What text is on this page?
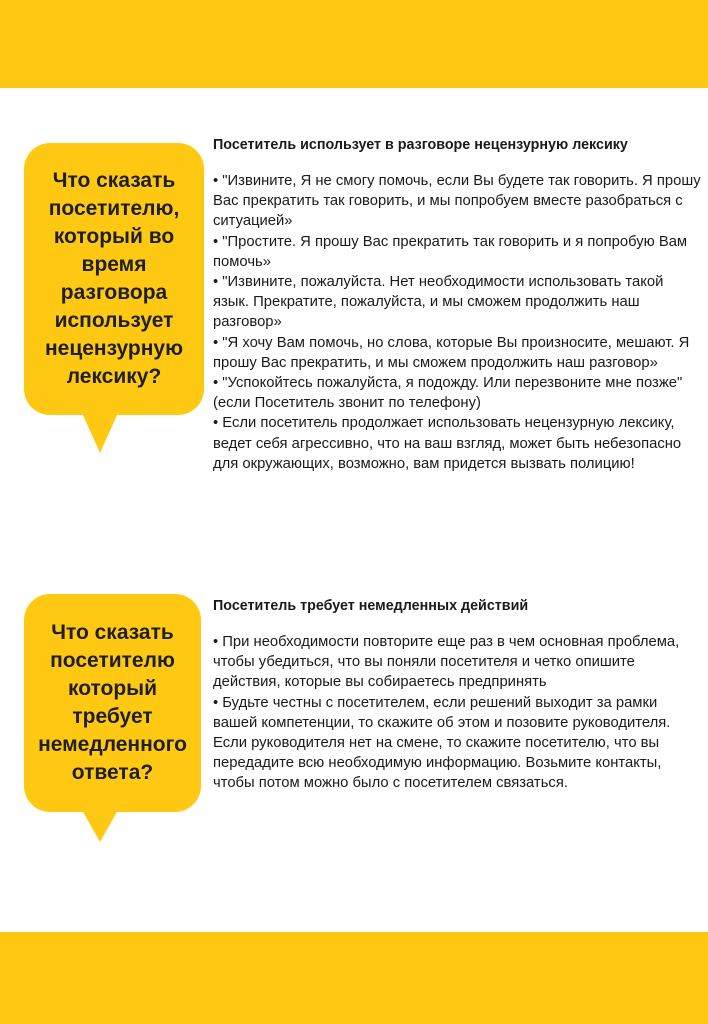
Что сказать посетителю, который во время разговора использует нецензурную лексику?
Посетитель использует в разговоре нецензурную лексику

• "Извините, Я не смогу помочь, если Вы будете так говорить. Я прошу Вас прекратить так говорить, и мы попробуем вместе разобраться с ситуацией»

• "Простите. Я прошу Вас прекратить так говорить и я попробую Вам помочь»

• "Извините, пожалуйста. Нет необходимости использовать такой язык. Прекратите, пожалуйста, и мы сможем продолжить наш разговор»

• "Я хочу Вам помочь, но слова, которые Вы произносите, мешают. Я прошу Вас прекратить, и мы сможем продолжить наш разговор»

• "Успокойтесь пожалуйста, я подожду. Или перезвоните мне позже" (если Посетитель звонит по телефону)

• Если посетитель продолжает использовать нецензурную лексику, ведет себя агрессивно, что на ваш взгляд, может быть небезопасно для окружающих, возможно, вам придется вызвать полицию!

Что сказать посетителю который требует немедленного ответа?
Посетитель требует немедленных действий

• При необходимости повторите еще раз в чем основная проблема, чтобы убедиться, что вы поняли посетителя и четко опишите действия, которые вы собираетесь предпринять

• Будьте честны с посетителем, если решений выходит за рамки вашей компетенции, то скажите об этом и позовите руководителя. Если руководителя нет на смене, то скажите посетителю, что вы передадите всю необходимую информацию. Возьмите контакты, чтобы потом можно было с посетителем связаться.
